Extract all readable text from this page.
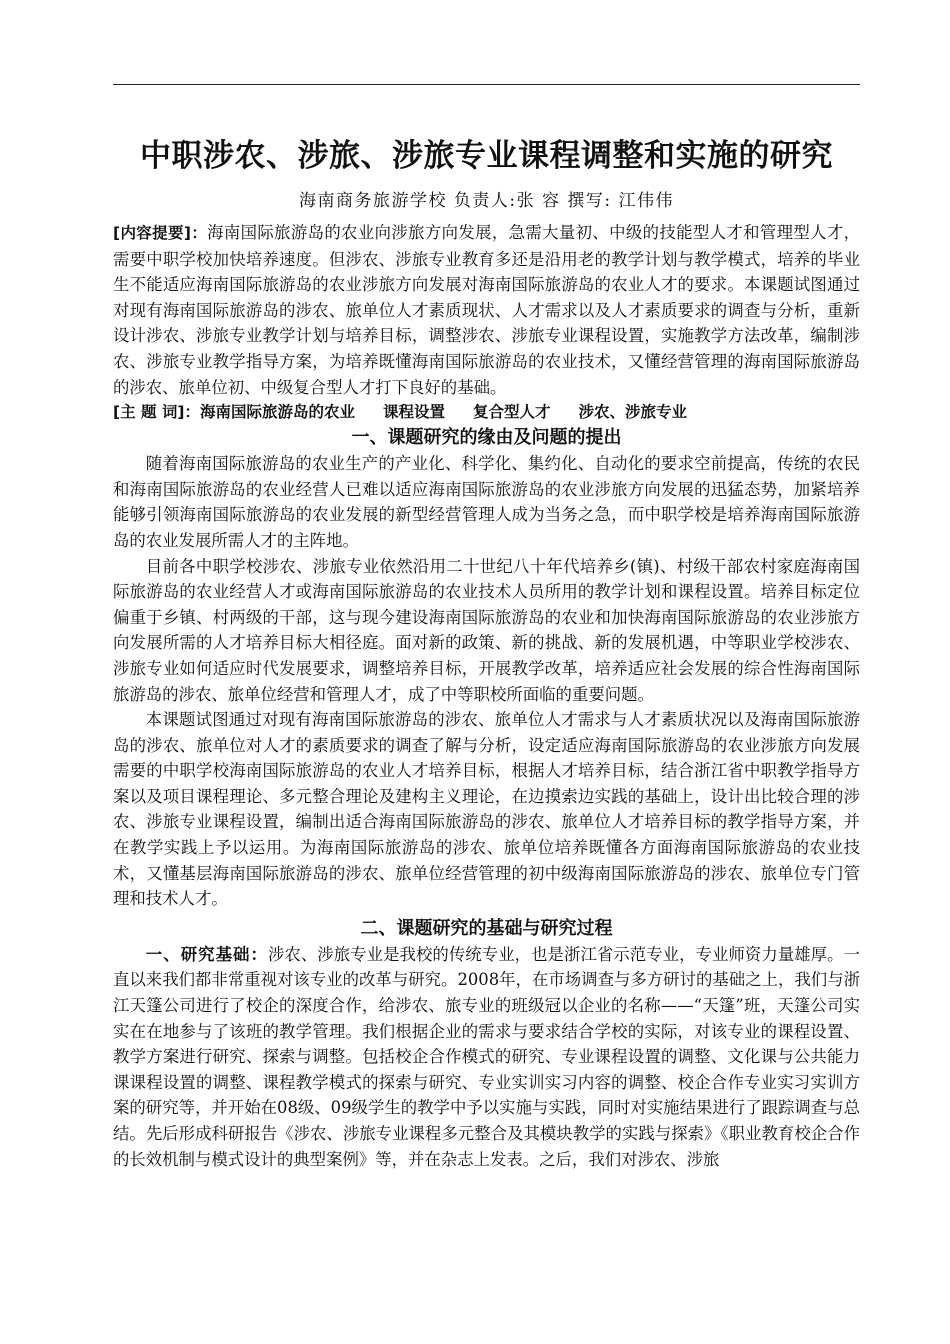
中职涉农、涉旅、涉旅专业课程调整和实施的研究
海南商务旅游学校 负责人:张 容 撰写: 江伟伟

[内容提要]：海南国际旅游岛的农业向涉旅方向发展，急需大量初、中级的技能型人才和管理型人才，需要中职学校加快培养速度。但涉农、涉旅专业教育多还是沿用老的教学计划与教学模式，培养的毕业生不能适应海南国际旅游岛的农业涉旅方向发展对海南国际旅游岛的农业人才的要求。本课题试图通过对现有海南国际旅游岛的涉农、旅单位人才素质现状、人才需求以及人才素质要求的调查与分析，重新设计涉农、涉旅专业教学计划与培养目标，调整涉农、涉旅专业课程设置，实施教学方法改革，编制涉农、涉旅专业教学指导方案，为培养既懂海南国际旅游岛的农业技术，又懂经营管理的海南国际旅游岛的涉农、旅单位初、中级复合型人才打下良好的基础。

[主 题 词]：海南国际旅游岛的农业 课程设置 复合型人才 涉农、涉旅专业

一、课题研究的缘由及问题的提出

随着海南国际旅游岛的农业生产的产业化、科学化、集约化、自动化的要求空前提高，传统的农民和海南国际旅游岛的农业经营人已难以适应海南国际旅游岛的农业涉旅方向发展的迅猛态势，加紧培养能够引领海南国际旅游岛的农业发展的新型经营管理人成为当务之急，而中职学校是培养海南国际旅游岛的农业发展所需人才的主阵地。

目前各中职学校涉农、涉旅专业依然沿用二十世纪八十年代培养乡(镇)、村级干部农村家庭海南国际旅游岛的农业经营人才或海南国际旅游岛的农业技术人员所用的教学计划和课程设置。培养目标定位偏重于乡镇、村两级的干部，这与现今建设海南国际旅游岛的农业和加快海南国际旅游岛的农业涉旅方向发展所需的人才培养目标大相径庭。面对新的政策、新的挑战、新的发展机遇，中等职业学校涉农、涉旅专业如何适应时代发展要求，调整培养目标，开展教学改革，培养适应社会发展的综合性海南国际旅游岛的涉农、旅单位经营和管理人才，成了中等职校所面临的重要问题。

本课题试图通过对现有海南国际旅游岛的涉农、旅单位人才需求与人才素质状况以及海南国际旅游岛的涉农、旅单位对人才的素质要求的调查了解与分析，设定适应海南国际旅游岛的农业涉旅方向发展需要的中职学校海南国际旅游岛的农业人才培养目标，根据人才培养目标，结合浙江省中职教学指导方案以及项目课程理论、多元整合理论及建构主义理论，在边摸索边实践的基础上，设计出比较合理的涉农、涉旅专业课程设置，编制出适合海南国际旅游岛的涉农、旅单位人才培养目标的教学指导方案，并在教学实践上予以运用。为海南国际旅游岛的涉农、旅单位培养既懂各方面海南国际旅游岛的农业技术，又懂基层海南国际旅游岛的涉农、旅单位经营管理的初中级海南国际旅游岛的涉农、旅单位专门管理和技术人才。

二、课题研究的基础与研究过程

一、研究基础：涉农、涉旅专业是我校的传统专业，也是浙江省示范专业，专业师资力量雄厚。一直以来我们都非常重视对该专业的改革与研究。2008年，在市场调查与多方研讨的基础之上，我们与浙江天篷公司进行了校企的深度合作，给涉农、旅专业的班级冠以企业的名称——“天篷”班，天篷公司实实在在地参与了该班的教学管理。我们根据企业的需求与要求结合学校的实际，对该专业的课程设置、教学方案进行研究、探索与调整。包括校企合作模式的研究、专业课程设置的调整、文化课与公共能力课课程设置的调整、课程教学模式的探索与研究、专业实训实习内容的调整、校企合作专业实习实训方案的研究等，并开始在08级、09级学生的教学中予以实施与实践，同时对实施结果进行了跟踪调查与总结。先后形成科研报告《涉农、涉旅专业课程多元整合及其模块教学的实践与探索》《职业教育校企合作的长效机制与模式设计的典型案例》等，并在杂志上发表。之后，我们对涉农、涉旅
